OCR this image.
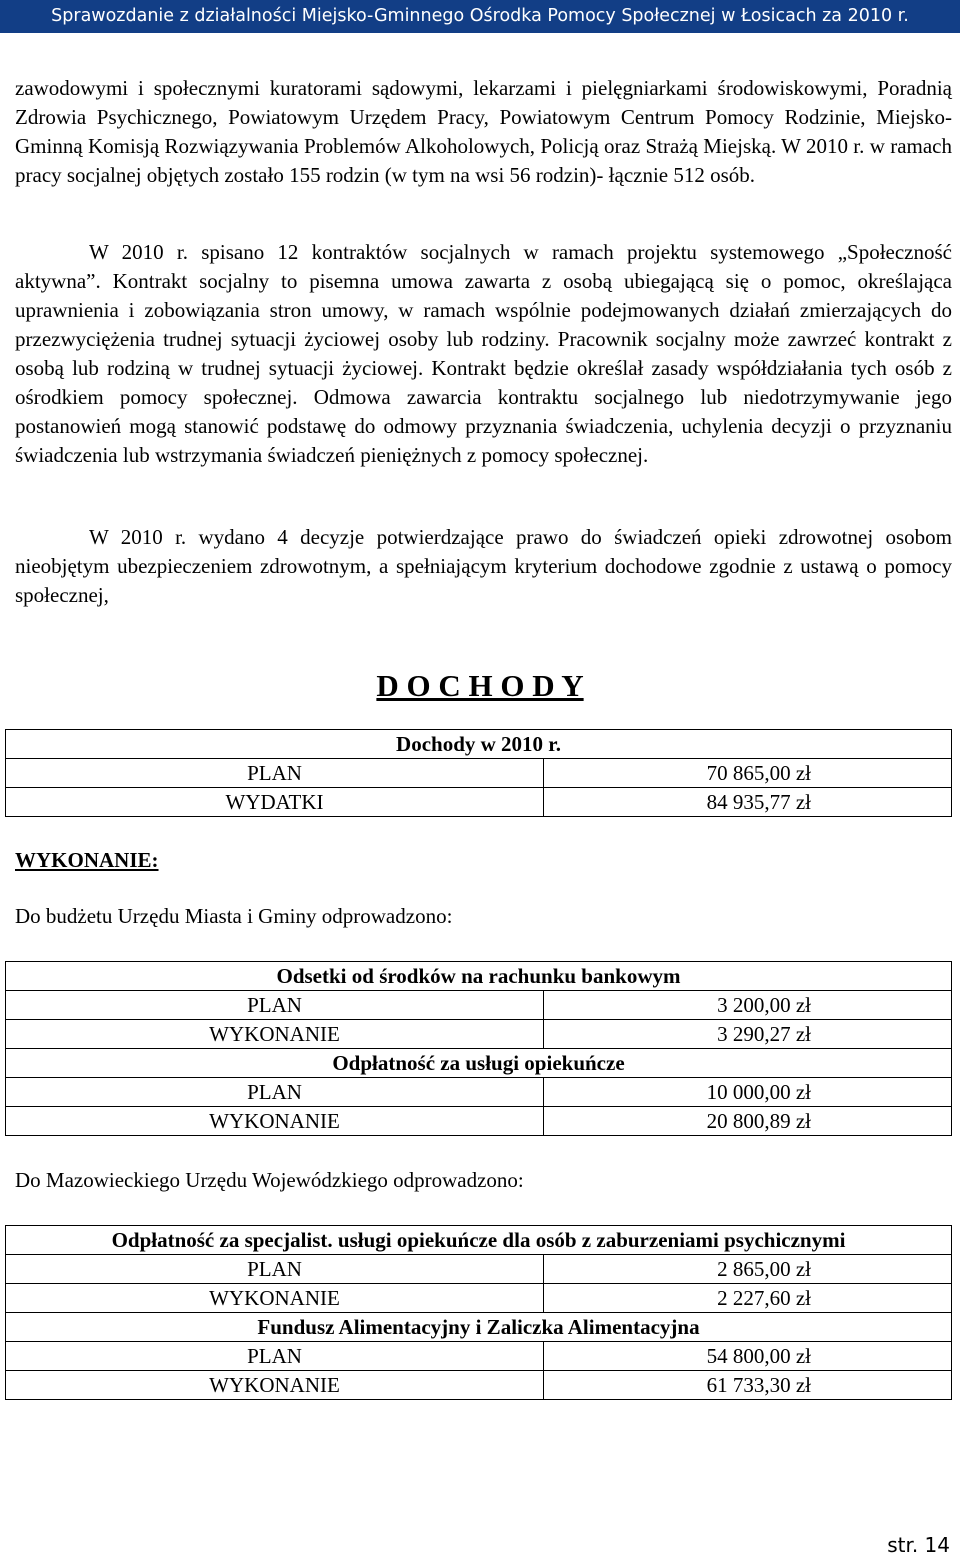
Sprawozdanie z działalności Miejsko-Gminnego Ośrodka Pomocy Społecznej w Łosicach za 2010 r.

zawodowymi i społecznymi kuratorami sądowymi, lekarzami i pielęgniarkami środowiskowymi, Poradnią Zdrowia Psychicznego, Powiatowym Urzędem Pracy, Powiatowym Centrum Pomocy Rodzinie, Miejsko- Gminną Komisją Rozwiązywania Problemów Alkoholowych, Policją oraz Strażą Miejską. W 2010 r. w ramach pracy socjalnej objętych zostało 155 rodzin (w tym na wsi 56 rodzin)- łącznie 512 osób.

W 2010 r. spisano 12 kontraktów socjalnych w ramach projektu systemowego „Społeczność aktywna”. Kontrakt socjalny to pisemna umowa zawarta z osobą ubiegającą się o pomoc, określająca uprawnienia i zobowiązania stron umowy, w ramach wspólnie podejmowanych działań zmierzających do przezwyciężenia trudnej sytuacji życiowej osoby lub rodziny. Pracownik socjalny może zawrzeć kontrakt z osobą lub rodziną w trudnej sytuacji życiowej. Kontrakt będzie określał zasady współdziałania tych osób z ośrodkiem pomocy społecznej. Odmowa zawarcia kontraktu socjalnego lub niedotrzymywanie jego postanowień mogą stanowić podstawę do odmowy przyznania świadczenia, uchylenia decyzji o przyznaniu świadczenia lub wstrzymania świadczeń pieniężnych z pomocy społecznej.

W 2010 r. wydano 4 decyzje potwierdzające prawo do świadczeń opieki zdrowotnej osobom nieobjętym ubezpieczeniem zdrowotnym, a spełniającym kryterium dochodowe zgodnie z ustawą o pomocy społecznej,

D O C H O D Y
Dochody w 2010 r.	
PLAN	70 865,00 zł
WYDATKI	84 935,77 zł
WYKONANIE:
Do budżetu Urzędu Miasta i Gminy odprowadzono:
Odsetki od środków na rachunku bankowym	
PLAN	3 200,00 zł
WYKONANIE	3 290,27 zł
Odpłatność za usługi opiekuńcze	
PLAN	10 000,00 zł
WYKONANIE	20 800,89 zł
Do Mazowieckiego Urzędu Wojewódzkiego odprowadzono:
Odpłatność za specjalist. usługi opiekuńcze dla osób z zaburzeniami psychicznymi	
PLAN	2 865,00 zł
WYKONANIE	2 227,60 zł
Fundusz Alimentacyjny i Zaliczka Alimentacyjna	
PLAN	54 800,00 zł
WYKONANIE	61 733,30 zł
str. 14
